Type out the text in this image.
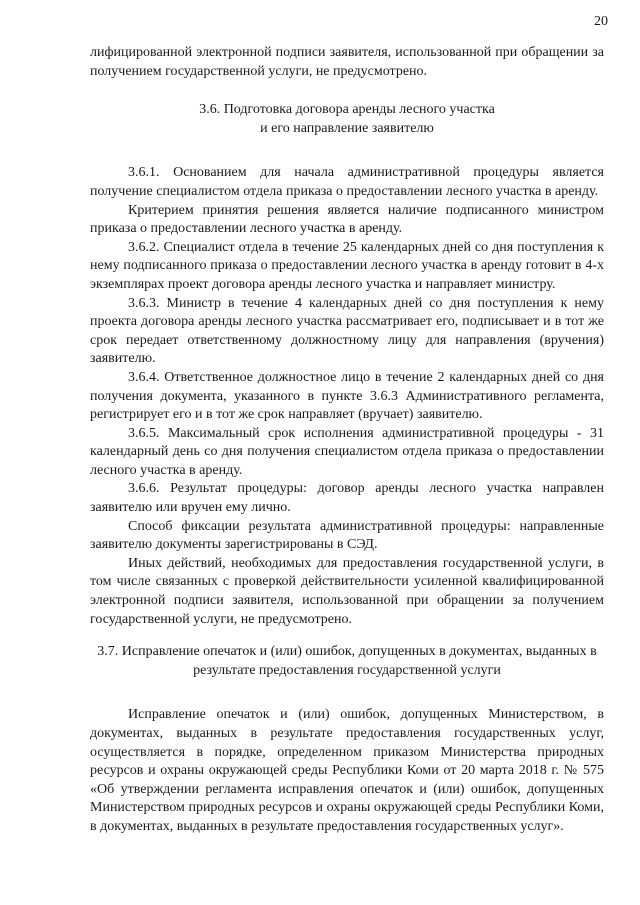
20

лифицированной электронной подписи заявителя, использованной при обращении за получением государственной услуги, не предусмотрено.

3.6. Подготовка договора аренды лесного участка

и его направление заявителю

3.6.1. Основанием для начала административной процедуры является получение специалистом отдела приказа о предоставлении лесного участка в аренду.

Критерием принятия решения является наличие подписанного министром приказа о предоставлении лесного участка в аренду.

3.6.2. Специалист отдела в течение 25 календарных дней со дня поступления к нему подписанного приказа о предоставлении лесного участка в аренду готовит в 4-х экземплярах проект договора аренды лесного участка и направляет министру.

3.6.3. Министр в течение 4 календарных дней со дня поступления к нему проекта договора аренды лесного участка рассматривает его, подписывает и в тот же срок передает ответственному должностному лицу для направления (вручения) заявителю.

3.6.4. Ответственное должностное лицо в течение 2 календарных дней со дня получения документа, указанного в пункте 3.6.3 Административного регламента, регистрирует его и в тот же срок направляет (вручает) заявителю.

3.6.5. Максимальный срок исполнения административной процедуры - 31 календарный день со дня получения специалистом отдела приказа о предоставлении лесного участка в аренду.

3.6.6. Результат процедуры: договор аренды лесного участка направлен заявителю или вручен ему лично.

Способ фиксации результата административной процедуры: направленные заявителю документы зарегистрированы в СЭД.

Иных действий, необходимых для предоставления государственной услуги, в том числе связанных с проверкой действительности усиленной квалифицированной электронной подписи заявителя, использованной при обращении за получением государственной услуги, не предусмотрено.

3.7. Исправление опечаток и (или) ошибок, допущенных в документах, выданных в результате предоставления государственной услуги

Исправление опечаток и (или) ошибок, допущенных Министерством, в документах, выданных в результате предоставления государственных услуг, осуществляется в порядке, определенном приказом Министерства природных ресурсов и охраны окружающей среды Республики Коми от 20 марта 2018 г. № 575 «Об утверждении регламента исправления опечаток и (или) ошибок, допущенных Министерством природных ресурсов и охраны окружающей среды Республики Коми, в документах, выданных в результате предоставления государственных услуг».
